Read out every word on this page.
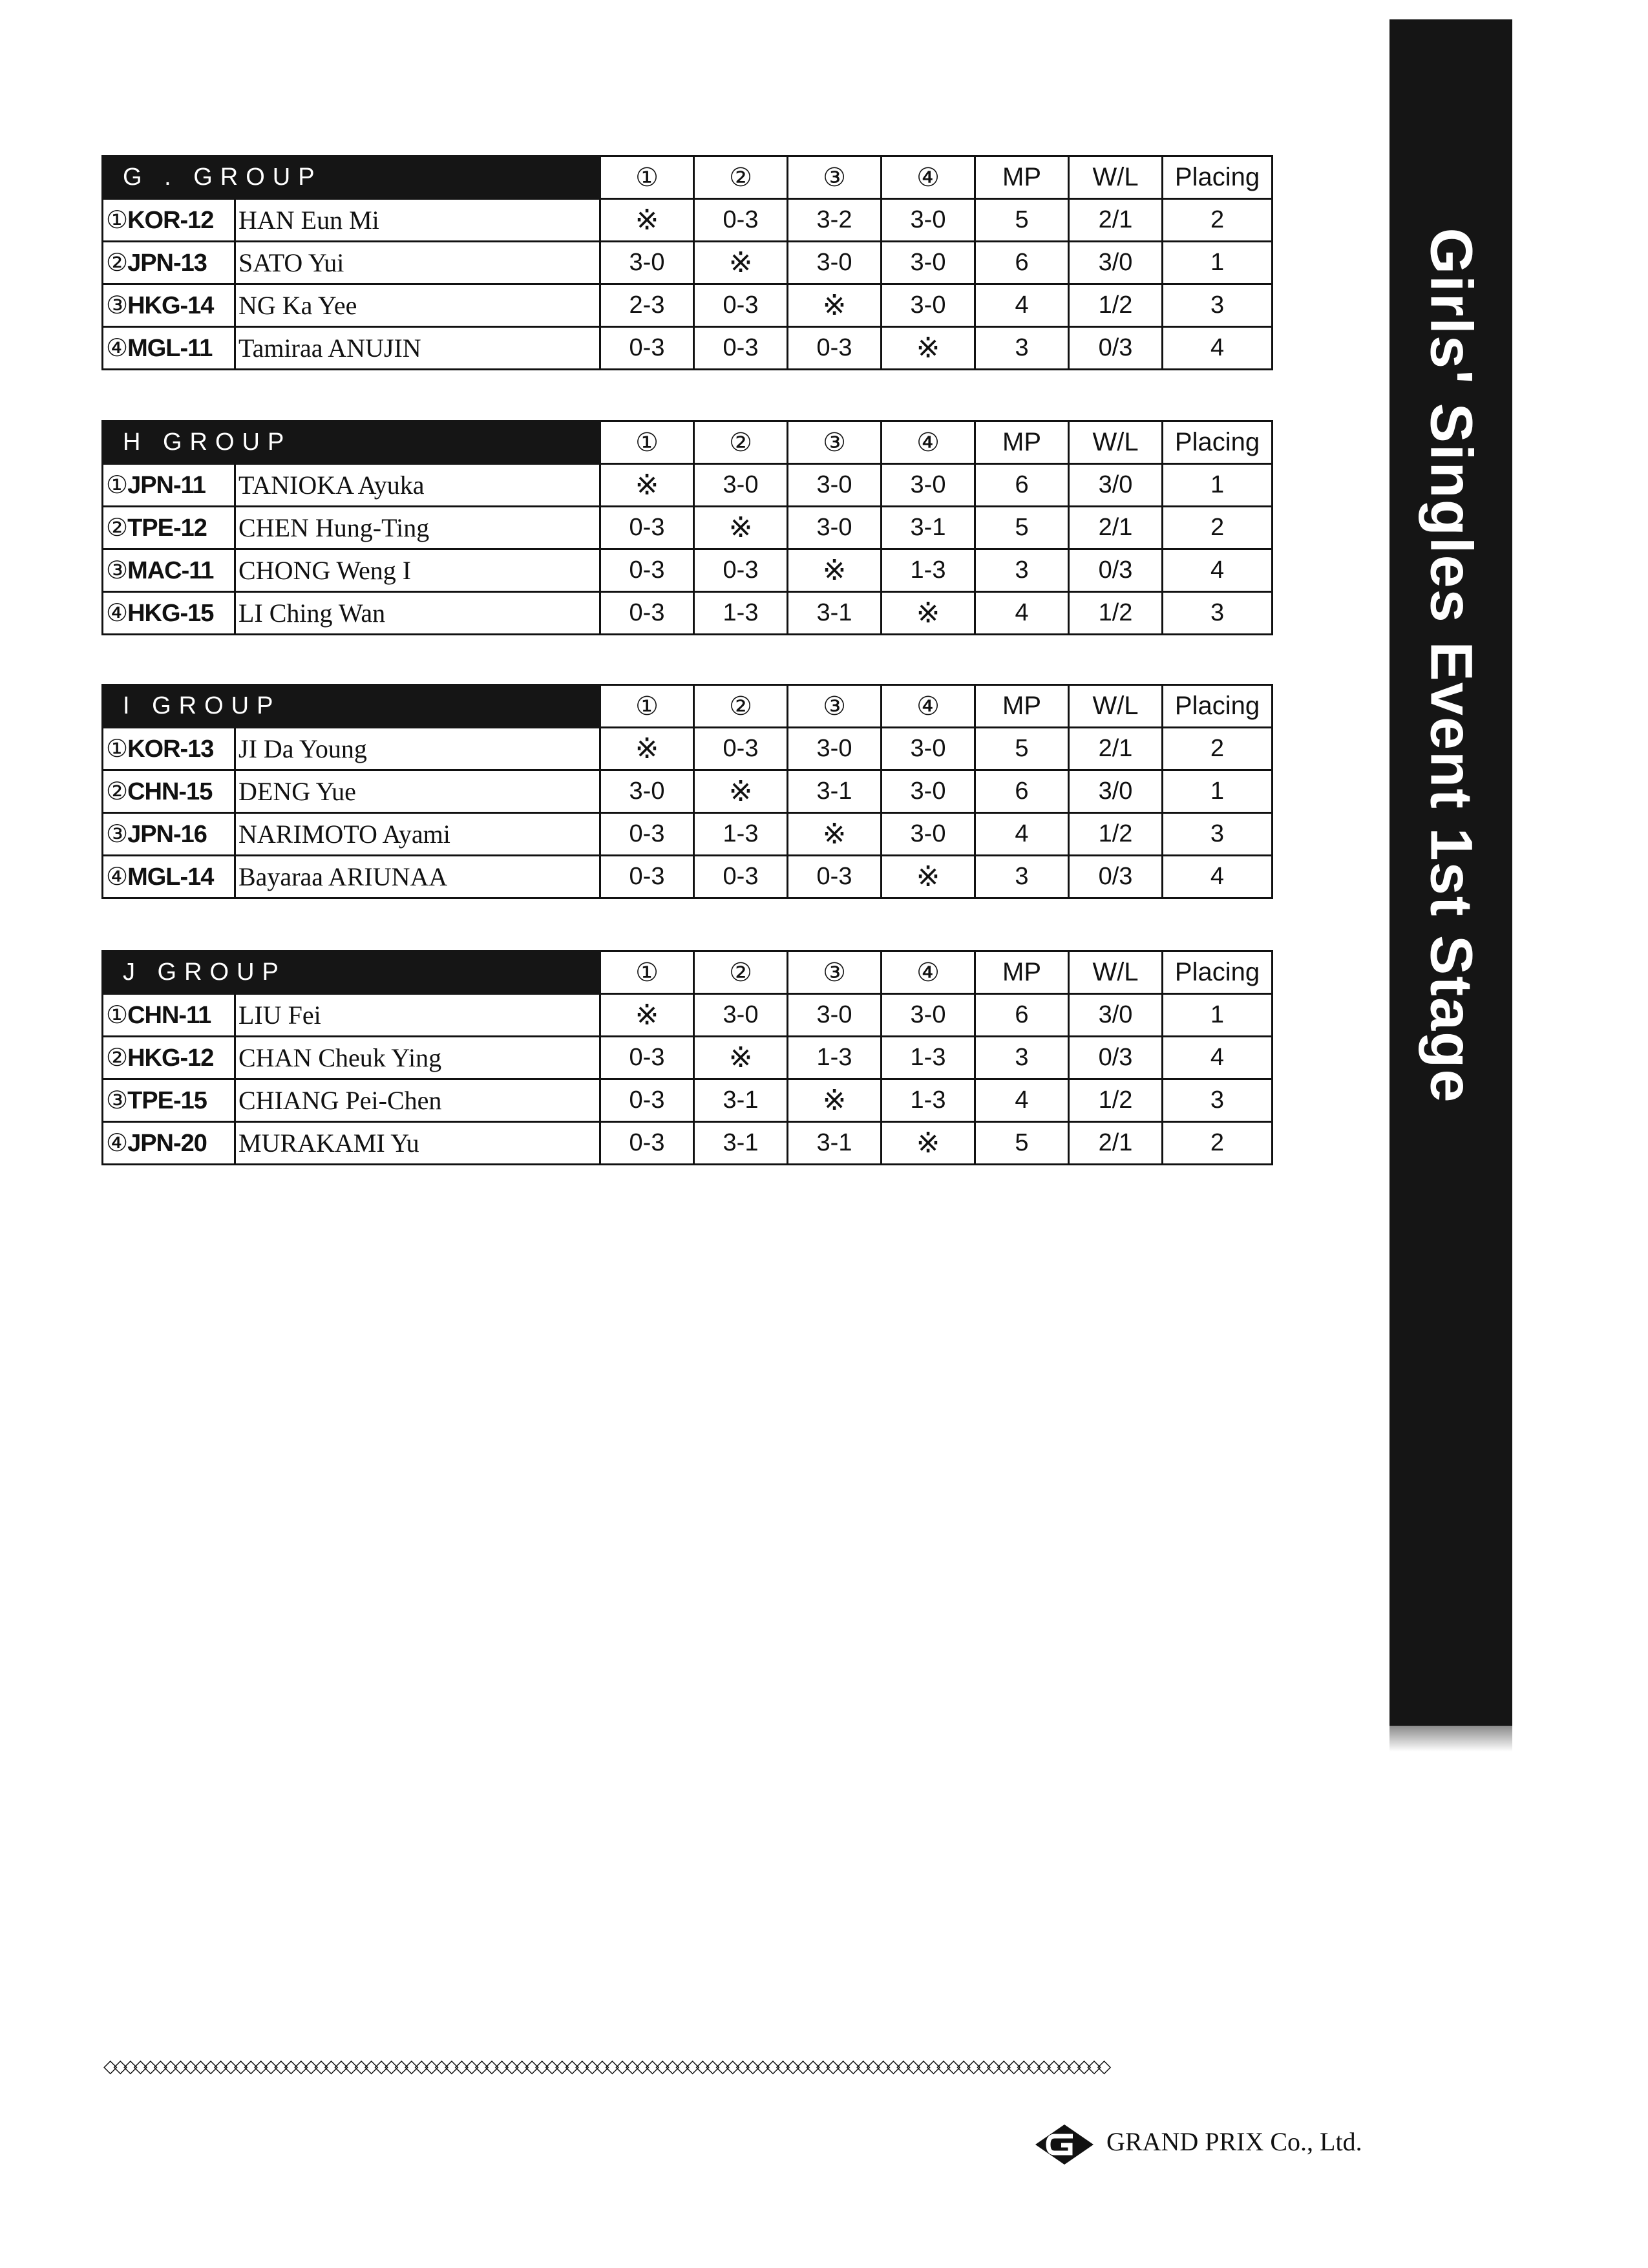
Girls' Singles Event 1st Stage
G . GROUP		①	②	③	④	MP	W/L	Placing
①KOR-12	HAN Eun Mi	※	0-3	3-2	3-0	5	2/1	2
②JPN-13	SATO Yui	3-0	※	3-0	3-0	6	3/0	1
③HKG-14	NG Ka Yee	2-3	0-3	※	3-0	4	1/2	3
④MGL-11	Tamiraa ANUJIN	0-3	0-3	0-3	※	3	0/3	4
H GROUP		①	②	③	④	MP	W/L	Placing
①JPN-11	TANIOKA Ayuka	※	3-0	3-0	3-0	6	3/0	1
②TPE-12	CHEN Hung-Ting	0-3	※	3-0	3-1	5	2/1	2
③MAC-11	CHONG Weng I	0-3	0-3	※	1-3	3	0/3	4
④HKG-15	LI Ching Wan	0-3	1-3	3-1	※	4	1/2	3
I GROUP		①	②	③	④	MP	W/L	Placing
①KOR-13	JI Da Young	※	0-3	3-0	3-0	5	2/1	2
②CHN-15	DENG Yue	3-0	※	3-1	3-0	6	3/0	1
③JPN-16	NARIMOTO Ayami	0-3	1-3	※	3-0	4	1/2	3
④MGL-14	Bayaraa ARIUNAA	0-3	0-3	0-3	※	3	0/3	4
J GROUP		①	②	③	④	MP	W/L	Placing
①CHN-11	LIU Fei	※	3-0	3-0	3-0	6	3/0	1
②HKG-12	CHAN Cheuk Ying	0-3	※	1-3	1-3	3	0/3	4
③TPE-15	CHIANG Pei-Chen	0-3	3-1	※	1-3	4	1/2	3
④JPN-20	MURAKAMI Yu	0-3	3-1	3-1	※	5	2/1	2
◇◇◇◇◇◇◇◇◇◇◇◇◇◇◇◇◇◇◇◇◇◇◇◇◇◇◇◇◇◇◇◇◇◇◇◇◇◇◇◇◇◇◇◇◇◇◇◇◇◇◇◇◇◇◇◇◇◇◇◇◇◇◇◇◇◇◇◇◇◇◇◇◇◇◇◇◇◇◇◇◇◇◇◇◇◇◇◇◇◇◇◇◇◇◇◇◇◇◇◇
GRAND PRIX Co., Ltd.
